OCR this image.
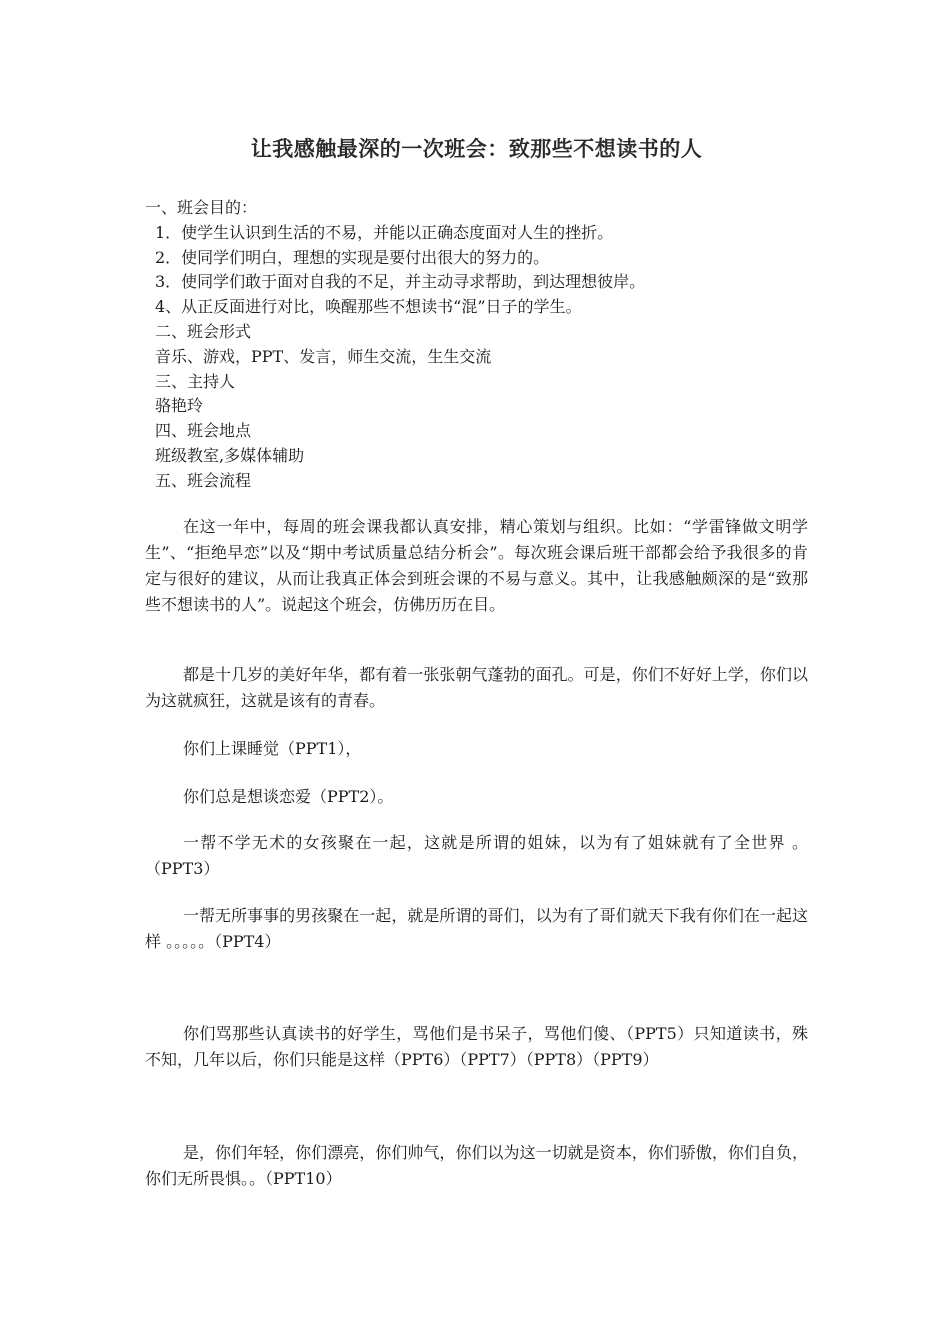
让我感触最深的一次班会：致那些不想读书的人
一、班会目的：
1．使学生认识到生活的不易，并能以正确态度面对人生的挫折。
2．使同学们明白，理想的实现是要付出很大的努力的。
3．使同学们敢于面对自我的不足，并主动寻求帮助，到达理想彼岸。
4、从正反面进行对比，唤醒那些不想读书“混”日子的学生。
二、班会形式
音乐、游戏，PPT、发言，师生交流，生生交流
三、主持人
骆艳玲
四、班会地点
班级教室,多媒体辅助
五、班会流程

在这一年中，每周的班会课我都认真安排，精心策划与组织。比如：“学雷锋做文明学生”、“拒绝早恋”以及“期中考试质量总结分析会”。每次班会课后班干部都会给予我很多的肯定与很好的建议，从而让我真正体会到班会课的不易与意义。其中，让我感触颇深的是“致那些不想读书的人”。说起这个班会，仿佛历历在目。

都是十几岁的美好年华，都有着一张张朝气蓬勃的面孔。可是，你们不好好上学，你们以为这就疯狂，这就是该有的青春。

你们上课睡觉（PPT1），

你们总是想谈恋爱（PPT2）。

一帮不学无术的女孩聚在一起，这就是所谓的姐妹，以为有了姐妹就有了全世界 。（PPT3）

一帮无所事事的男孩聚在一起，就是所谓的哥们，以为有了哥们就天下我有你们在一起这样 。。。。。（PPT4）

你们骂那些认真读书的好学生，骂他们是书呆子，骂他们傻、（PPT5）只知道读书，殊不知，几年以后，你们只能是这样（PPT6）（PPT7）（PPT8）（PPT9）

是，你们年轻，你们漂亮，你们帅气，你们以为这一切就是资本，你们骄傲，你们自负，你们无所畏惧。。（PPT10）
